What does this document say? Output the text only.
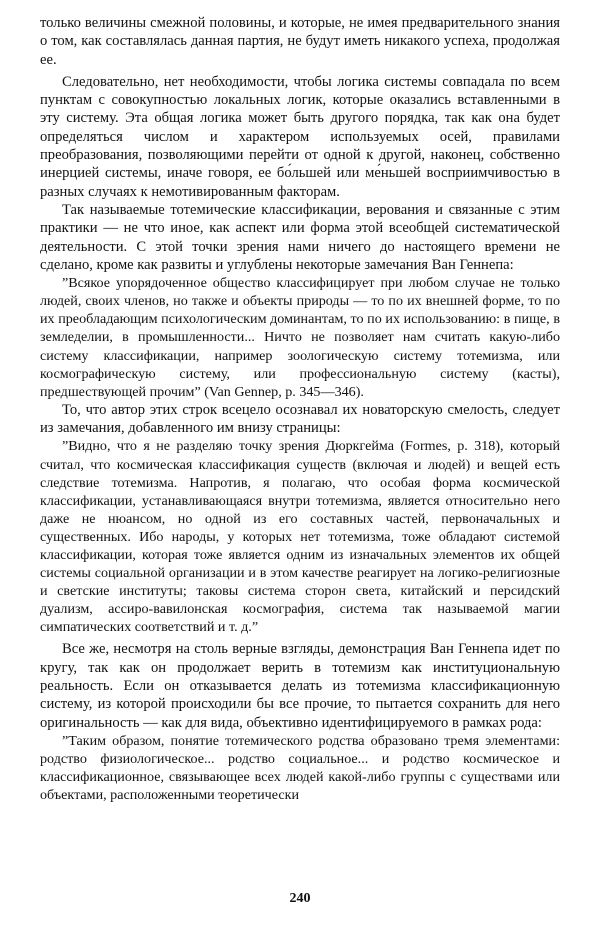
только величины смежной половины, и которые, не имея предварительного знания о том, как составлялась данная партия, не будут иметь никакого успеха, продолжая ее.

Следовательно, нет необходимости, чтобы логика системы совпадала по всем пунктам с совокупностью локальных логик, которые оказались вставленными в эту систему. Эта общая логика может быть другого порядка, так как она будет определяться числом и характером используемых осей, правилами преобразования, позволяющими перейти от одной к другой, наконец, собственно инерцией системы, иначе говоря, ее бо́льшей или ме́ньшей восприимчивостью в разных случаях к немотивированным факторам.

Так называемые тотемические классификации, верования и связанные с этим практики — не что иное, как аспект или форма этой всеобщей систематической деятельности. С этой точки зрения нами ничего до настоящего времени не сделано, кроме как развиты и углублены некоторые замечания Ван Геннепа:

”Всякое упорядоченное общество классифицирует при любом случае не только людей, своих членов, но также и объекты природы — то по их внешней форме, то по их преобладающим психологическим доминантам, то по их использованию: в пище, в земледелии, в промышленности... Ничто не позволяет нам считать какую-либо систему классификации, например зоологическую систему тотемизма, или космографическую систему, или профессиональную систему (касты), предшествующей прочим” (Van Gennep, p. 345—346).

То, что автор этих строк всецело осознавал их новаторскую смелость, следует из замечания, добавленного им внизу страницы:

”Видно, что я не разделяю точку зрения Дюркгейма (Formes, p. 318), который считал, что космическая классификация существ (включая и людей) и вещей есть следствие тотемизма. Напротив, я полагаю, что особая форма космической классификации, устанавливающаяся внутри тотемизма, является относительно него даже не нюансом, но одной из его составных частей, первоначальных и существенных. Ибо народы, у которых нет тотемизма, тоже обладают системой классификации, которая тоже является одним из изначальных элементов их общей системы социальной организации и в этом качестве реагирует на логико-религиозные и светские институты; таковы система сторон света, китайский и персидский дуализм, ассиро-вавилонская космография, система так называемой магии симпатических соответствий и т. д.”

Все же, несмотря на столь верные взгляды, демонстрация Ван Геннепа идет по кругу, так как он продолжает верить в тотемизм как институциональную реальность. Если он отказывается делать из тотемизма классификационную систему, из которой происходили бы все прочие, то пытается сохранить для него оригинальность — как для вида, объективно идентифицируемого в рамках рода:

”Таким образом, понятие тотемического родства образовано тремя элементами: родство физиологическое... родство социальное... и родство космическое и классификационное, связывающее всех людей какой-либо группы с существами или объектами, расположенными теоретически

240
